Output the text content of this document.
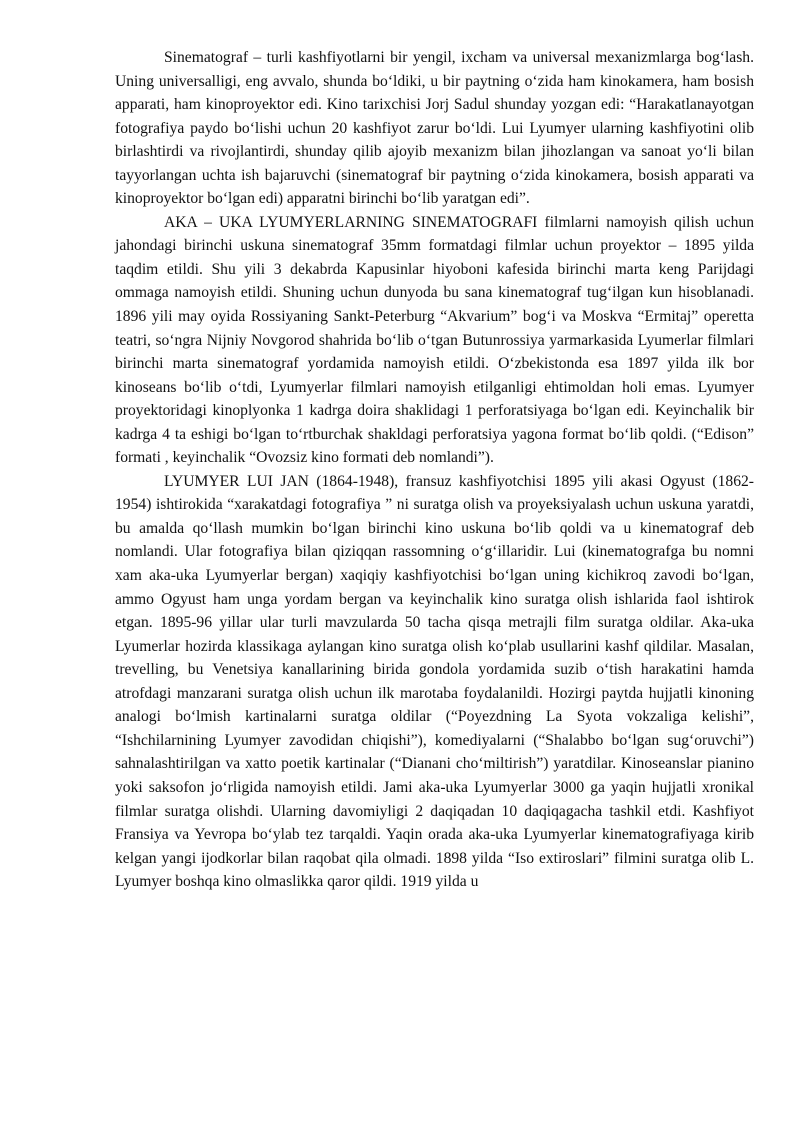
Sinematograf – turli kashfiyotlarni bir yengil, ixcham va universal mexanizmlarga bog‘lash. Uning universalligi, eng avvalo, shunda bo‘ldiki, u bir paytning o‘zida ham kinokamera, ham bosish apparati, ham kinoproyektor edi. Kino tarixchisi Jorj Sadul shunday yozgan edi: “Harakatlanayotgan fotografiya paydo bo‘lishi uchun 20 kashfiyot zarur bo‘ldi. Lui Lyumyer ularning kashfiyotini olib birlashtirdi va rivojlantirdi, shunday qilib ajoyib mexanizm bilan jihozlangan va sanoat yo‘li bilan tayyorlangan uchta ish bajaruvchi (sinematograf bir paytning o‘zida kinokamera, bosish apparati va kinoproyektor bo‘lgan edi) apparatni birinchi bo‘lib yaratgan edi”.

AKA – UKA LYUMYERLARNING SINEMATOGRAFI filmlarni namoyish qilish uchun jahondagi birinchi uskuna sinematograf 35mm formatdagi filmlar uchun proyektor – 1895 yilda taqdim etildi. Shu yili 3 dekabrda Kapusinlar hiyoboni kafesida birinchi marta keng Parijdagi ommaga namoyish etildi. Shuning uchun dunyoda bu sana kinematograf tug‘ilgan kun hisoblanadi. 1896 yili may oyida Rossiyaning Sankt-Peterburg “Akvarium” bog‘i va Moskva “Ermitaj” operetta teatri, so‘ngra Nijniy Novgorod shahrida bo‘lib o‘tgan Butunrossiya yarmarkasida Lyumerlar filmlari birinchi marta sinematograf yordamida namoyish etildi. O‘zbekistonda esa 1897 yilda ilk bor kinoseans bo‘lib o‘tdi, Lyumyerlar filmlari namoyish etilganligi ehtimoldan holi emas. Lyumyer proyektoridagi kinoplyonka 1 kadrga doira shaklidagi 1 perforatsiyaga bo‘lgan edi. Keyinchalik bir kadrga 4 ta eshigi bo‘lgan to‘rtburchak shakldagi perforatsiya yagona format bo‘lib qoldi. (“Edison” formati , keyinchalik “Ovozsiz kino formati deb nomlandi”).

LYUMYER LUI JAN (1864-1948), fransuz kashfiyotchisi 1895 yili akasi Ogyust (1862-1954) ishtirokida “xarakatdagi fotografiya ” ni suratga olish va proyeksiyalash uchun uskuna yaratdi, bu amalda qo‘llash mumkin bo‘lgan birinchi kino uskuna bo‘lib qoldi va u kinematograf deb nomlandi. Ular fotografiya bilan qiziqqan rassomning o‘g‘illaridir. Lui (kinematografga bu nomni xam aka-uka Lyumyerlar bergan) xaqiqiy kashfiyotchisi bo‘lgan uning kichikroq zavodi bo‘lgan, ammo Ogyust ham unga yordam bergan va keyinchalik kino suratga olish ishlarida faol ishtirok etgan. 1895-96 yillar ular turli mavzularda 50 tacha qisqa metrajli film suratga oldilar. Aka-uka Lyumerlar hozirda klassikaga aylangan kino suratga olish ko‘plab usullarini kashf qildilar. Masalan, trevelling, bu Venetsiya kanallarining birida gondola yordamida suzib o‘tish harakatini hamda atrofdagi manzarani suratga olish uchun ilk marotaba foydalanildi. Hozirgi paytda hujjatli kinoning analogi bo‘lmish kartinalarni suratga oldilar (“Poyezdning La Syota vokzaliga kelishi”, “Ishchilarnining Lyumyer zavodidan chiqishi”), komediyalarni (“Shalabbo bo‘lgan sug‘oruvchi”) sahnalashtirilgan va xatto poetik kartinalar (“Dianani cho‘miltirish”) yaratdilar. Kinoseanslar pianino yoki saksofon jo‘rligida namoyish etildi. Jami aka-uka Lyumyerlar 3000 ga yaqin hujjatli xronikal filmlar suratga olishdi. Ularning davomiyligi 2 daqiqadan 10 daqiqagacha tashkil etdi. Kashfiyot Fransiya va Yevropa bo‘ylab tez tarqaldi. Yaqin orada aka-uka Lyumyerlar kinematografiyaga kirib kelgan yangi ijodkorlar bilan raqobat qila olmadi. 1898 yilda “Iso extiroslari” filmini suratga olib L. Lyumyer boshqa kino olmaslikka qaror qildi. 1919 yilda u
